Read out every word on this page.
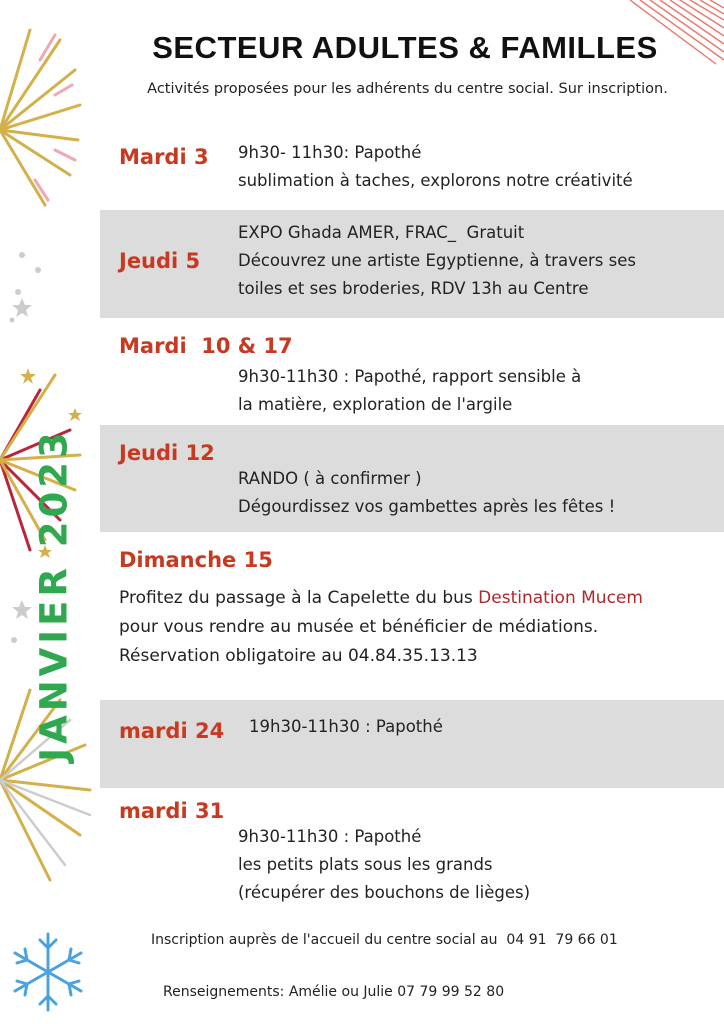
SECTEUR ADULTES & FAMILLES
Activités proposées pour les adhérents du centre social. Sur inscription.
JANVIER 2023
Mardi 3 9h30- 11h30: Papothé
sublimation à taches, explorons notre créativité
Jeudi 5
EXPO Ghada AMER, FRAC_  Gratuit
Découvrez une artiste Egyptienne, à travers ses
toiles et ses broderies, RDV 13h au Centre
Mardi  10 & 17
9h30-11h30 : Papothé, rapport sensible à
la matière, exploration de l'argile
Jeudi 12
RANDO ( à confirmer )
Dégourdissez vos gambettes après les fêtes !
Dimanche 15
Profitez du passage à la Capelette du bus Destination Mucem
pour vous rendre au musée et bénéficier de médiations.
Réservation obligatoire au 04.84.35.13.13
mardi 24 19h30-11h30 : Papothé
mardi 31
9h30-11h30 : Papothé
les petits plats sous les grands
(récupérer des bouchons de lièges)
Inscription auprès de l'accueil du centre social au  04 91  79 66 01
Renseignements: Amélie ou Julie 07 79 99 52 80
